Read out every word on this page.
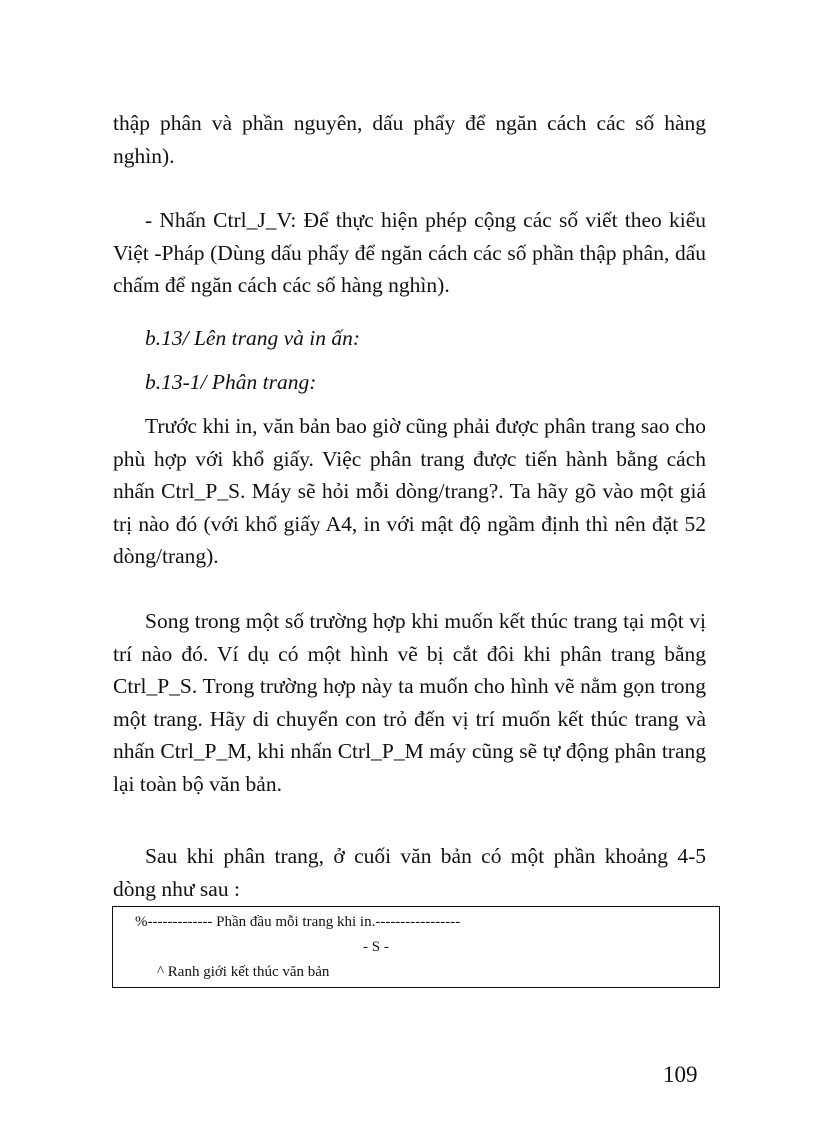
thập phân và phần nguyên, dấu phẩy để ngăn cách các số hàng nghìn).

- Nhấn Ctrl_J_V: Để thực hiện phép cộng các số viết theo kiểu Việt -Pháp (Dùng dấu phẩy để ngăn cách các số phần thập phân, dấu chấm để ngăn cách các số hàng nghìn).

b.13/ Lên trang và in ấn:

b.13-1/ Phân trang:

Trước khi in, văn bản bao giờ cũng phải được phân trang sao cho phù hợp với khổ giấy. Việc phân trang được tiến hành bằng cách nhấn Ctrl_P_S. Máy sẽ hỏi mỗi dòng/trang?. Ta hãy gõ vào một giá trị nào đó (với khổ giấy A4, in với mật độ ngầm định thì nên đặt 52 dòng/trang).

Song trong một số trường hợp khi muốn kết thúc trang tại một vị trí nào đó. Ví dụ có một hình vẽ bị cắt đôi khi phân trang bằng Ctrl_P_S. Trong trường hợp này ta muốn cho hình vẽ nằm gọn trong một trang. Hãy di chuyển con trỏ đến vị trí muốn kết thúc trang và nhấn Ctrl_P_M, khi nhấn Ctrl_P_M máy cũng sẽ tự động phân trang lại toàn bộ văn bản.

Sau khi phân trang, ở cuối văn bản có một phần khoảng 4-5 dòng như sau :

%------------- Phần đầu mỗi trang khi in.-----------------
- S -
^ Ranh giới kết thúc văn bản
109
